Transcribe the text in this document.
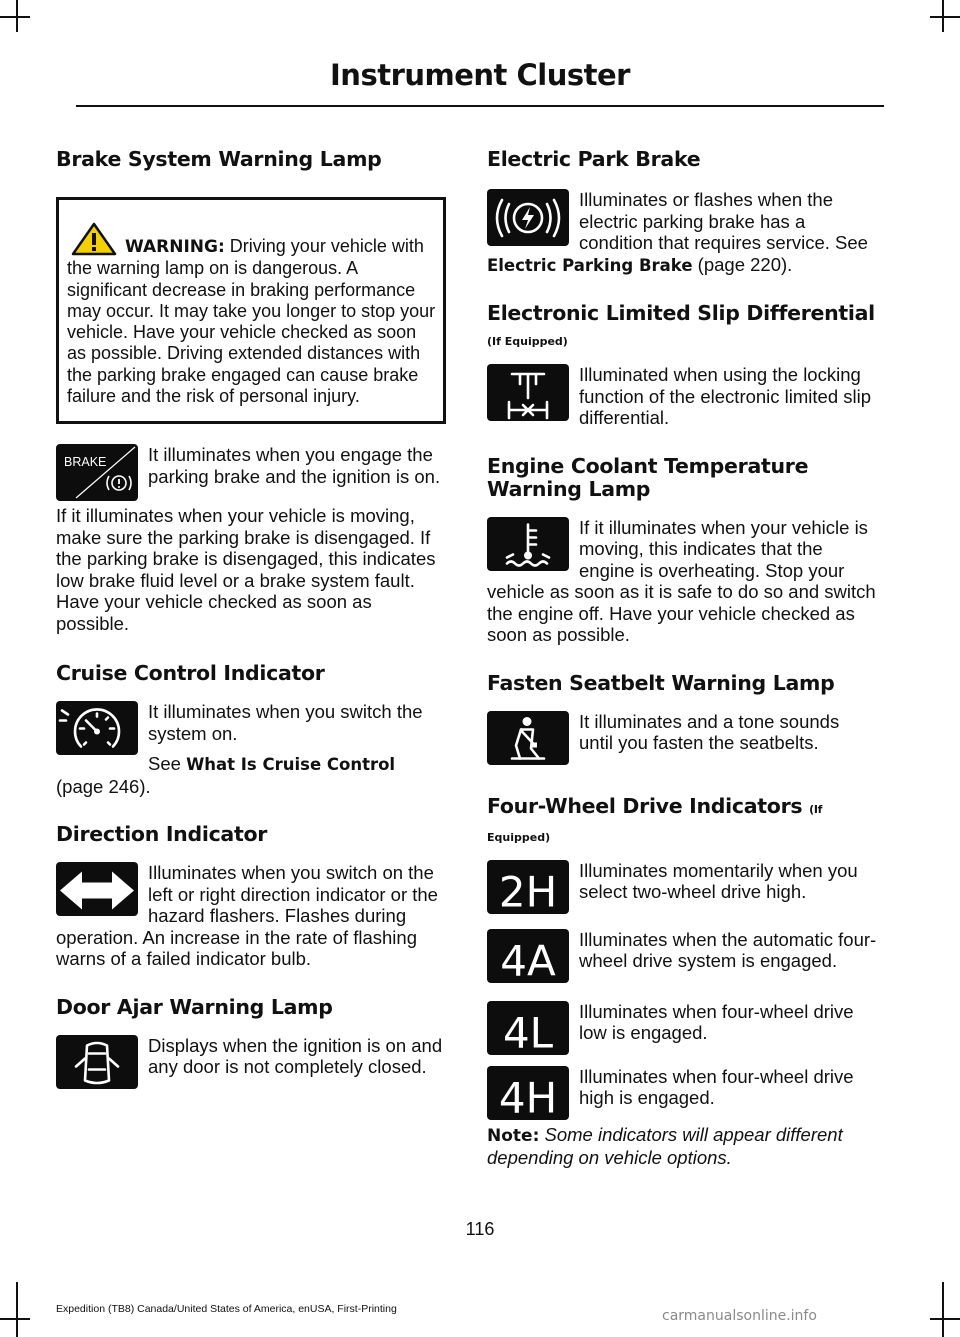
Instrument Cluster
Brake System Warning Lamp
WARNING: Driving your vehicle with the warning lamp on is dangerous. A significant decrease in braking performance may occur. It may take you longer to stop your vehicle. Have your vehicle checked as soon as possible. Driving extended distances with the parking brake engaged can cause brake failure and the risk of personal injury.
BRAKE	It illuminates when you engage the parking brake and the ignition is on.

If it illuminates when your vehicle is moving, make sure the parking brake is disengaged. If the parking brake is disengaged, this indicates low brake fluid level or a brake system fault. Have your vehicle checked as soon as possible.

Cruise Control Indicator
It illuminates when you switch the system on.
See What Is Cruise Control (page 246).
Direction Indicator
Illuminates when you switch on the left or right direction indicator or the hazard flashers. Flashes during operation. An increase in the rate of flashing warns of a failed indicator bulb.
Door Ajar Warning Lamp
Displays when the ignition is on and any door is not completely closed.
Electric Park Brake
Illuminates or flashes when the electric parking brake has a condition that requires service. See Electric Parking Brake (page 220).
Electronic Limited Slip Differential
(If Equipped)
Illuminated when using the locking function of the electronic limited slip differential.
Engine Coolant Temperature Warning Lamp
If it illuminates when your vehicle is moving, this indicates that the engine is overheating. Stop your vehicle as soon as it is safe to do so and switch the engine off. Have your vehicle checked as soon as possible.
Fasten Seatbelt Warning Lamp
It illuminates and a tone sounds until you fasten the seatbelts.
Four-Wheel Drive Indicators (If
Equipped)
2H	Illuminates momentarily when you select two-wheel drive high.
4A	Illuminates when the automatic four-wheel drive system is engaged.
4L	Illuminates when four-wheel drive low is engaged.
4H	Illuminates when four-wheel drive high is engaged.

Note: Some indicators will appear different depending on vehicle options.

116
Expedition (TB8) Canada/United States of America, enUSA, First-Printing	carmanualsonline.info
